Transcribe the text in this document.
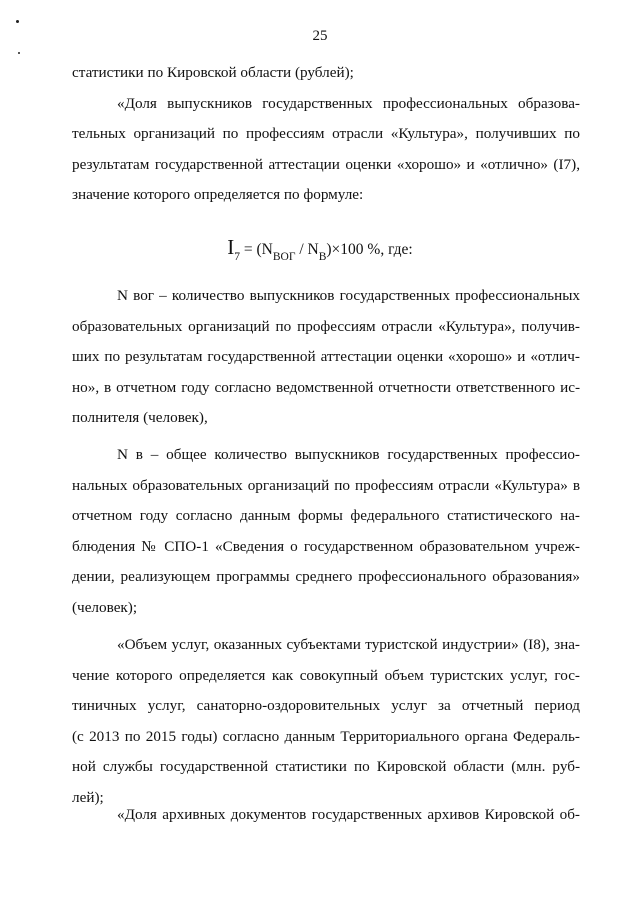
25
статистики по Кировской области (рублей);
«Доля выпускников государственных профессиональных образова-
тельных организаций по профессиям отрасли «Культура», получивших по
результатам государственной аттестации оценки «хорошо» и «отлично» (I7),
значение которого определяется по формуле:
$I_7 = (N_{ВОГ} / N_В)\times 100$ %, где:
N вог – количество выпускников государственных профессиональных
образовательных организаций по профессиям отрасли «Культура», получив-
ших по результатам государственной аттестации оценки «хорошо» и «отлич-
но», в отчетном году согласно ведомственной отчетности ответственного ис-
полнителя (человек),
N в – общее количество выпускников государственных профессио-
нальных образовательных организаций по профессиям отрасли «Культура» в
отчетном году согласно данным формы федерального статистического на-
блюдения № СПО-1 «Сведения о государственном образовательном учреж-
дении, реализующем программы среднего профессионального образования»
(человек);
«Объем услуг, оказанных субъектами туристской индустрии» (I8), зна-
чение которого определяется как совокупный объем туристских услуг, гос-
тиничных услуг, санаторно-оздоровительных услуг за отчетный период
(с 2013 по 2015 годы) согласно данным Территориального органа Федераль-
ной службы государственной статистики по Кировской области (млн. руб-
лей);
«Доля архивных документов государственных архивов Кировской об-
